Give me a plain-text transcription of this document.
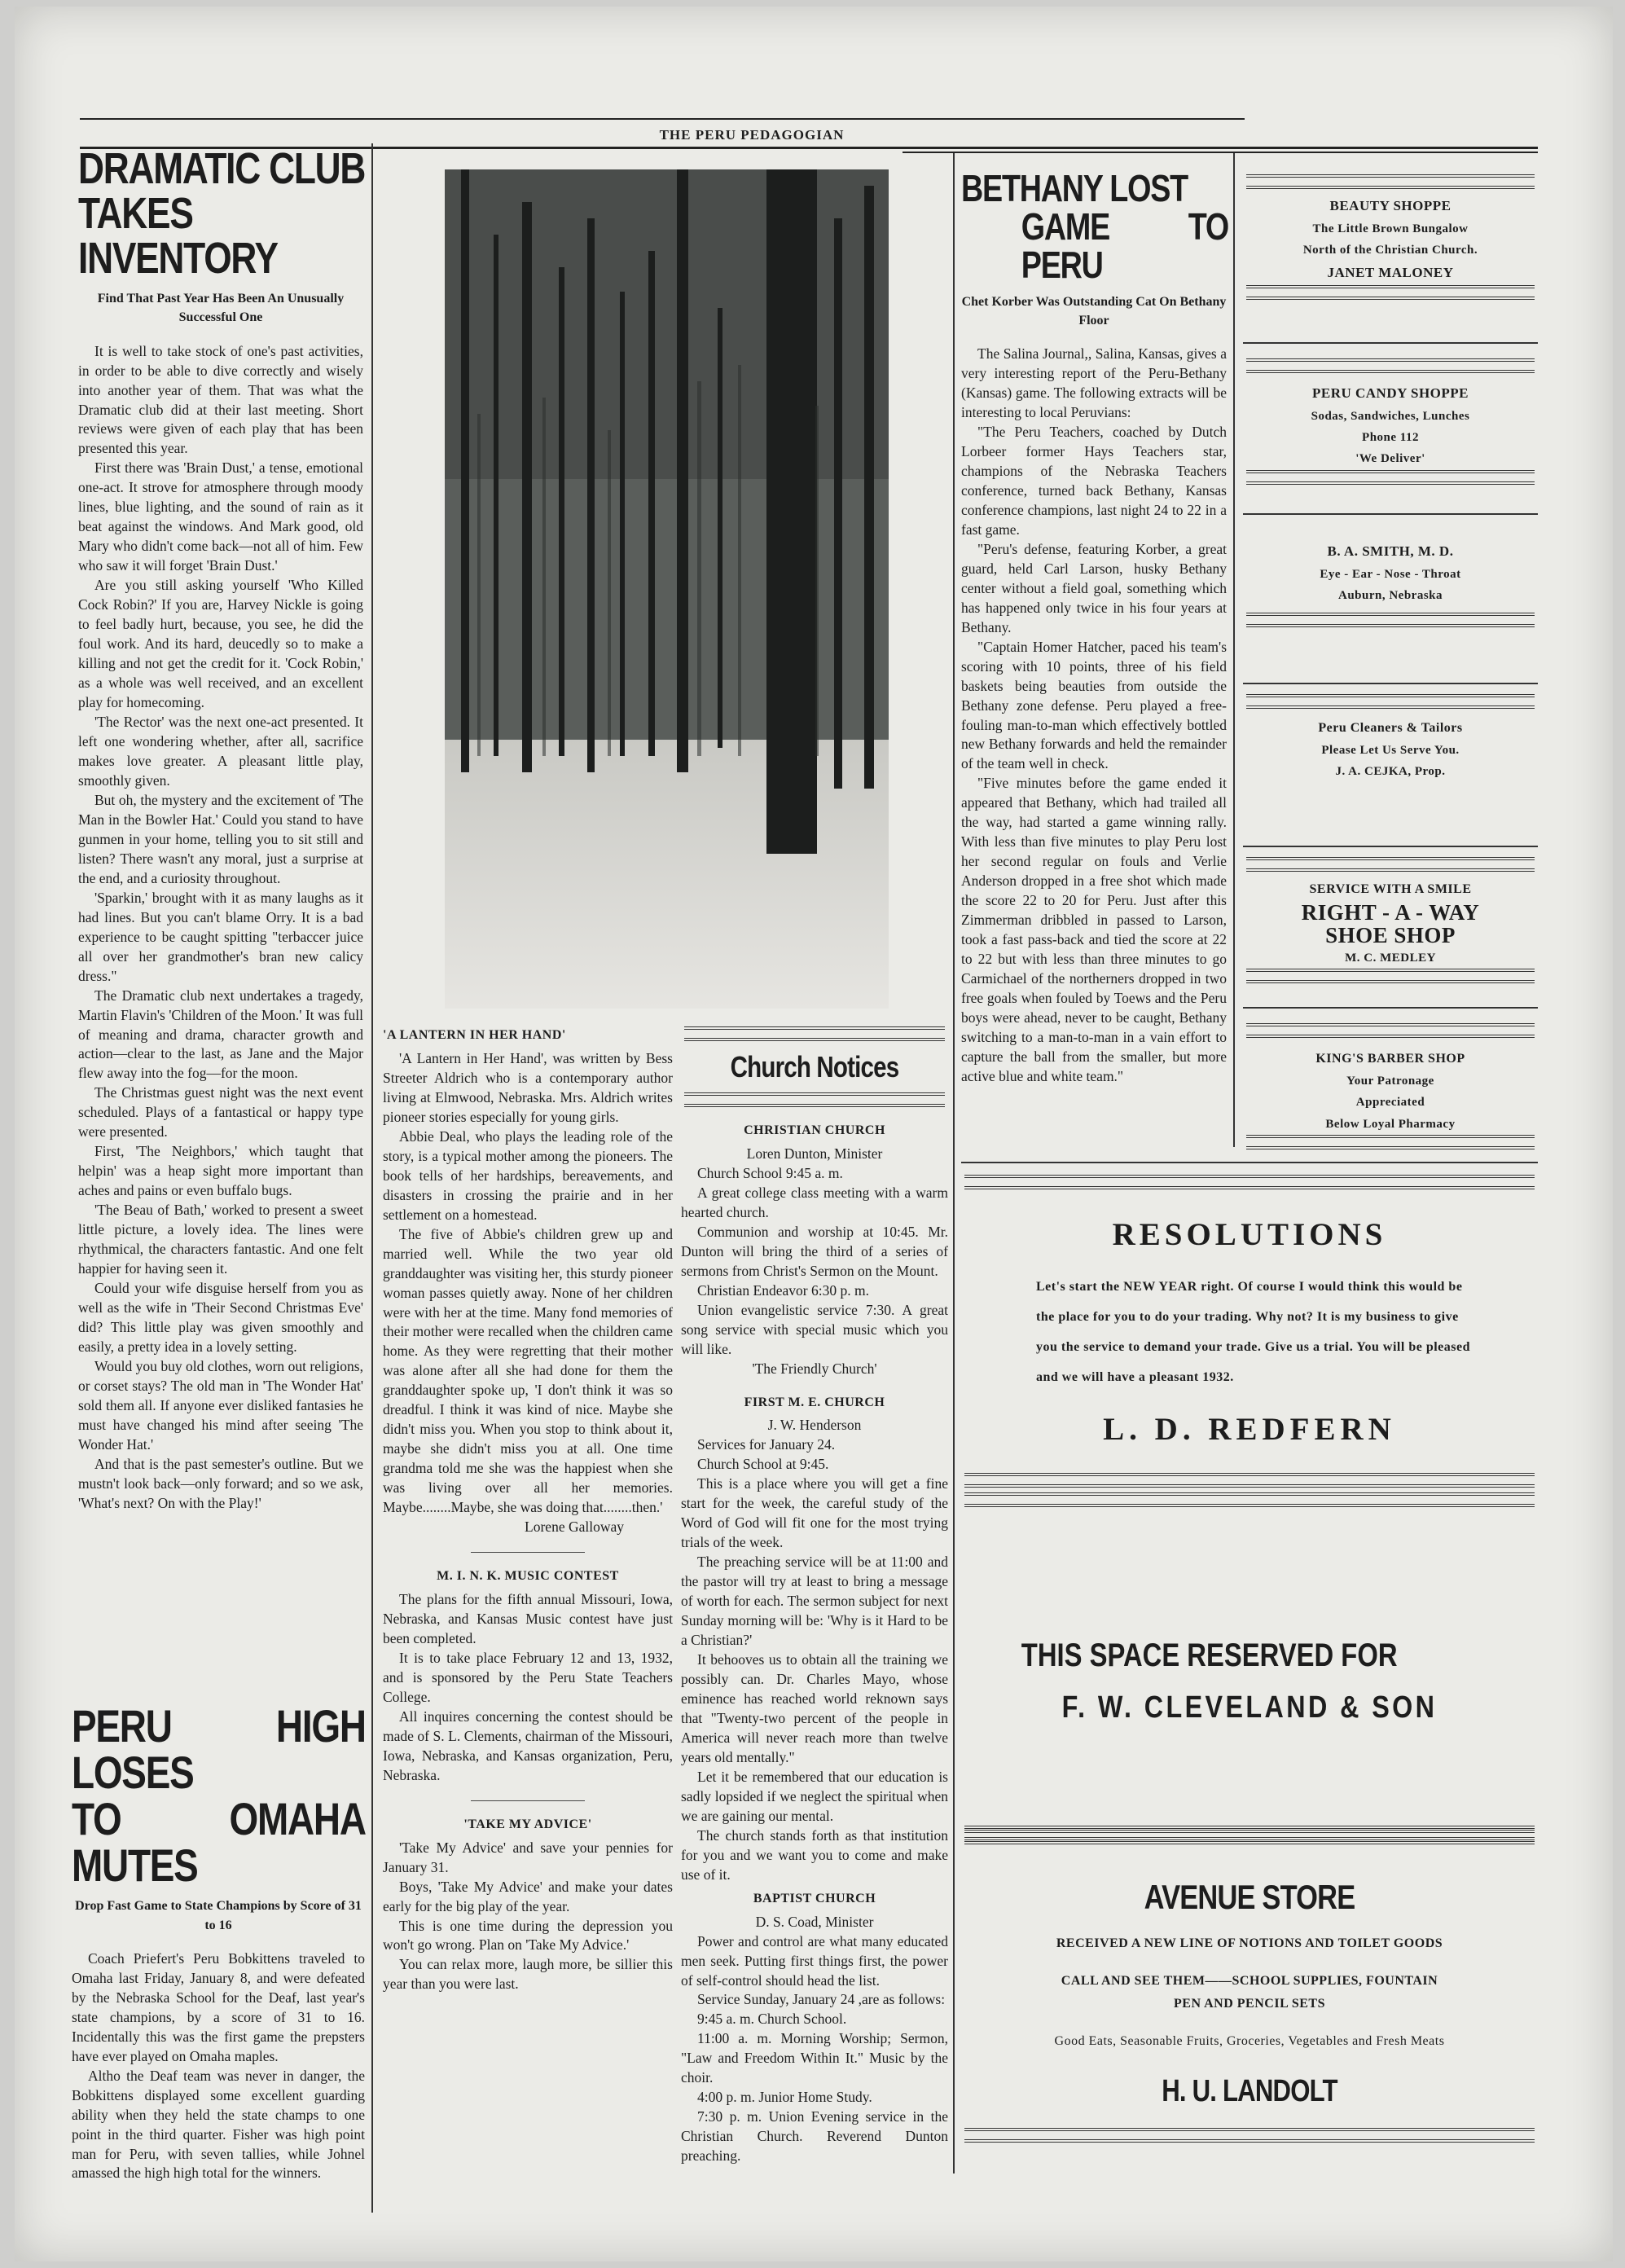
THE PERU PEDAGOGIAN
DRAMATIC CLUB
TAKES INVENTORY
Find That Past Year Has Been An Unusually Successful One

It is well to take stock of one's past activities, in order to be able to dive correctly and wisely into another year of them. That was what the Dramatic club did at their last meeting. Short reviews were given of each play that has been presented this year.

First there was 'Brain Dust,' a tense, emotional one-act. It strove for atmosphere through moody lines, blue lighting, and the sound of rain as it beat against the windows. And Mark good, old Mary who didn't come back—not all of him. Few who saw it will forget 'Brain Dust.'

Are you still asking yourself 'Who Killed Cock Robin?' If you are, Harvey Nickle is going to feel badly hurt, because, you see, he did the foul work. And its hard, deucedly so to make a killing and not get the credit for it. 'Cock Robin,' as a whole was well received, and an excellent play for homecoming.

'The Rector' was the next one-act presented. It left one wondering whether, after all, sacrifice makes love greater. A pleasant little play, smoothly given.

But oh, the mystery and the excitement of 'The Man in the Bowler Hat.' Could you stand to have gunmen in your home, telling you to sit still and listen? There wasn't any moral, just a surprise at the end, and a curiosity throughout.

'Sparkin,' brought with it as many laughs as it had lines. But you can't blame Orry. It is a bad experience to be caught spitting "terbaccer juice all over her grandmother's bran new calicy dress."

The Dramatic club next undertakes a tragedy, Martin Flavin's 'Children of the Moon.' It was full of meaning and drama, character growth and action—clear to the last, as Jane and the Major flew away into the fog—for the moon.

The Christmas guest night was the next event scheduled. Plays of a fantastical or happy type were presented.

First, 'The Neighbors,' which taught that helpin' was a heap sight more important than aches and pains or even buffalo bugs.

'The Beau of Bath,' worked to present a sweet little picture, a lovely idea. The lines were rhythmical, the characters fantastic. And one felt happier for having seen it.

Could your wife disguise herself from you as well as the wife in 'Their Second Christmas Eve' did? This little play was given smoothly and easily, a pretty idea in a lovely setting.

Would you buy old clothes, worn out religions, or corset stays? The old man in 'The Wonder Hat' sold them all. If anyone ever disliked fantasies he must have changed his mind after seeing 'The Wonder Hat.'

And that is the past semester's outline. But we mustn't look back—only forward; and so we ask, 'What's next? On with the Play!'

PERU HIGH LOSES
TO OMAHA MUTES
Drop Fast Game to State Champions by Score of 31 to 16

Coach Priefert's Peru Bobkittens traveled to Omaha last Friday, January 8, and were defeated by the Nebraska School for the Deaf, last year's state champions, by a score of 31 to 16. Incidentally this was the first game the prepsters have ever played on Omaha maples.

Altho the Deaf team was never in danger, the Bobkittens displayed some excellent guarding ability when they held the state champs to one point in the third quarter. Fisher was high point man for Peru, with seven tallies, while Johnel amassed the high high total for the winners.

'A LANTERN IN HER HAND'

'A Lantern in Her Hand', was written by Bess Streeter Aldrich who is a contemporary author living at Elmwood, Nebraska. Mrs. Aldrich writes pioneer stories especially for young girls.

Abbie Deal, who plays the leading role of the story, is a typical mother among the pioneers. The book tells of her hardships, bereavements, and disasters in crossing the prairie and in her settlement on a homestead.

The five of Abbie's children grew up and married well. While the two year old granddaughter was visiting her, this sturdy pioneer woman passes quietly away. None of her children were with her at the time. Many fond memories of their mother were recalled when the children came home. As they were regretting that their mother was alone after all she had done for them the granddaughter spoke up, 'I don't think it was so dreadful. I think it was kind of nice. Maybe she didn't miss you. When you stop to think about it, maybe she didn't miss you at all. One time grandma told me she was the happiest when she was living over all her memories. Maybe........Maybe, she was doing that........then.'

Lorene Galloway

M. I. N. K. MUSIC CONTEST

The plans for the fifth annual Missouri, Iowa, Nebraska, and Kansas Music contest have just been completed.

It is to take place February 12 and 13, 1932, and is sponsored by the Peru State Teachers College.

All inquires concerning the contest should be made of S. L. Clements, chairman of the Missouri, Iowa, Nebraska, and Kansas organization, Peru, Nebraska.

'TAKE MY ADVICE'

'Take My Advice' and save your pennies for January 31.

Boys, 'Take My Advice' and make your dates early for the big play of the year.

This is one time during the depression you won't go wrong. Plan on 'Take My Advice.'

You can relax more, laugh more, be sillier this year than you were last.

Church Notices
CHRISTIAN CHURCH

Loren Dunton, Minister

Church School 9:45 a. m.

A great college class meeting with a warm hearted church.

Communion and worship at 10:45. Mr. Dunton will bring the third of a series of sermons from Christ's Sermon on the Mount.

Christian Endeavor 6:30 p. m.

Union evangelistic service 7:30. A great song service with special music which you will like.

'The Friendly Church'

FIRST M. E. CHURCH

J. W. Henderson

Services for January 24.

Church School at 9:45.

This is a place where you will get a fine start for the week, the careful study of the Word of God will fit one for the most trying trials of the week.

The preaching service will be at 11:00 and the pastor will try at least to bring a message of worth for each. The sermon subject for next Sunday morning will be: 'Why is it Hard to be a Christian?'

It behooves us to obtain all the training we possibly can. Dr. Charles Mayo, whose eminence has reached world reknown says that "Twenty-two percent of the people in America will never reach more than twelve years old mentally."

Let it be remembered that our education is sadly lopsided if we neglect the spiritual when we are gaining our mental.

The church stands forth as that institution for you and we want you to come and make use of it.

BAPTIST CHURCH

D. S. Coad, Minister

Power and control are what many educated men seek. Putting first things first, the power of self-control should head the list.

Service Sunday, January 24 ,are as follows:

9:45 a. m. Church School.

11:00 a. m. Morning Worship; Sermon, "Law and Freedom Within It." Music by the choir.

4:00 p. m. Junior Home Study.

7:30 p. m. Union Evening service in the Christian Church. Reverend Dunton preaching.

BETHANY LOST
GAME TO PERU
Chet Korber Was Outstanding Cat On Bethany Floor

The Salina Journal,, Salina, Kansas, gives a very interesting report of the Peru-Bethany (Kansas) game. The following extracts will be interesting to local Peruvians:

"The Peru Teachers, coached by Dutch Lorbeer former Hays Teachers star, champions of the Nebraska Teachers conference, turned back Bethany, Kansas conference champions, last night 24 to 22 in a fast game.

"Peru's defense, featuring Korber, a great guard, held Carl Larson, husky Bethany center without a field goal, something which has happened only twice in his four years at Bethany.

"Captain Homer Hatcher, paced his team's scoring with 10 points, three of his field baskets being beauties from outside the Bethany zone defense. Peru played a free-fouling man-to-man which effectively bottled new Bethany forwards and held the remainder of the team well in check.

"Five minutes before the game ended it appeared that Bethany, which had trailed all the way, had started a game winning rally. With less than five minutes to play Peru lost her second regular on fouls and Verlie Anderson dropped in a free shot which made the score 22 to 20 for Peru. Just after this Zimmerman dribbled in passed to Larson, took a fast pass-back and tied the score at 22 to 22 but with less than three minutes to go Carmichael of the northerners dropped in two free goals when fouled by Toews and the Peru boys were ahead, never to be caught, Bethany switching to a man-to-man in a vain effort to capture the ball from the smaller, but more active blue and white team."

BEAUTY SHOPPE
The Little Brown Bungalow
North of the Christian Church.
JANET MALONEY
PERU CANDY SHOPPE
Sodas, Sandwiches, Lunches
Phone 112
'We Deliver'
B. A. SMITH, M. D.
Eye - Ear - Nose - Throat
Auburn, Nebraska
Peru Cleaners & Tailors
Please Let Us Serve You.
J. A. CEJKA, Prop.
SERVICE WITH A SMILE
RIGHT - A - WAY
SHOE SHOP
M. C. MEDLEY
KING'S BARBER SHOP
Your Patronage
Appreciated
Below Loyal Pharmacy
RESOLUTIONS
Let's start the NEW YEAR right. Of course I would think this would be the place for you to do your trading. Why not? It is my business to give you the service to demand your trade. Give us a trial. You will be pleased and we will have a pleasant 1932.
L. D. REDFERN
THIS SPACE RESERVED FOR
F. W. CLEVELAND & SON
AVENUE STORE
RECEIVED A NEW LINE OF NOTIONS AND TOILET GOODS
CALL AND SEE THEM——SCHOOL SUPPLIES, FOUNTAIN PEN AND PENCIL SETS
Good Eats, Seasonable Fruits, Groceries, Vegetables and Fresh Meats
H. U. LANDOLT
